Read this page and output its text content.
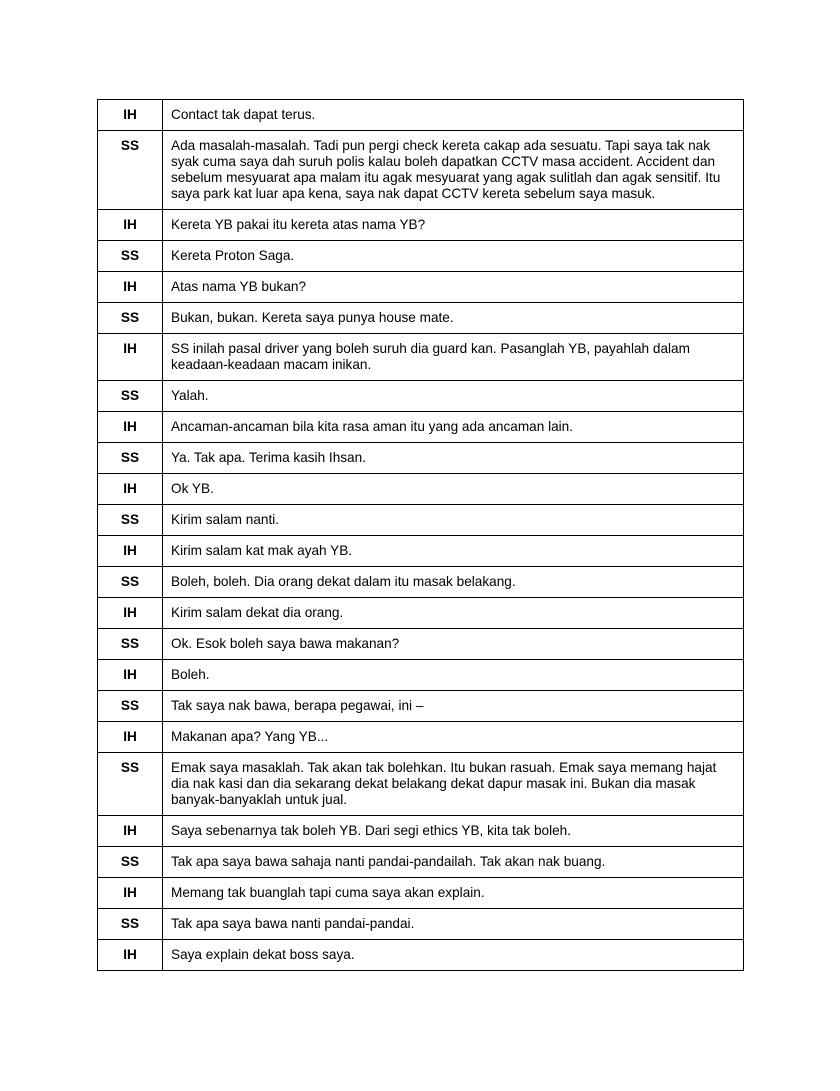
IH	Contact tak dapat terus.
SS	Ada masalah-masalah. Tadi pun pergi check kereta cakap ada sesuatu. Tapi saya tak nak syak cuma saya dah suruh polis kalau boleh dapatkan CCTV masa accident. Accident dan sebelum mesyuarat apa malam itu agak mesyuarat yang agak sulitlah dan agak sensitif. Itu saya park kat luar apa kena, saya nak dapat CCTV kereta sebelum saya masuk.
IH	Kereta YB pakai itu kereta atas nama YB?
SS	Kereta Proton Saga.
IH	Atas nama YB bukan?
SS	Bukan, bukan. Kereta saya punya house mate.
IH	SS inilah pasal driver yang boleh suruh dia guard kan. Pasanglah YB, payahlah dalam keadaan-keadaan macam inikan.
SS	Yalah.
IH	Ancaman-ancaman bila kita rasa aman itu yang ada ancaman lain.
SS	Ya. Tak apa. Terima kasih Ihsan.
IH	Ok YB.
SS	Kirim salam nanti.
IH	Kirim salam kat mak ayah YB.
SS	Boleh, boleh. Dia orang dekat dalam itu masak belakang.
IH	Kirim salam dekat dia orang.
SS	Ok. Esok boleh saya bawa makanan?
IH	Boleh.
SS	Tak saya nak bawa, berapa pegawai, ini –
IH	Makanan apa? Yang YB...
SS	Emak saya masaklah. Tak akan tak bolehkan. Itu bukan rasuah. Emak saya memang hajat dia nak kasi dan dia sekarang dekat belakang dekat dapur masak ini. Bukan dia masak banyak-banyaklah untuk jual.
IH	Saya sebenarnya tak boleh YB. Dari segi ethics YB, kita tak boleh.
SS	Tak apa saya bawa sahaja nanti pandai-pandailah. Tak akan nak buang.
IH	Memang tak buanglah tapi cuma saya akan explain.
SS	Tak apa saya bawa nanti pandai-pandai.
IH	Saya explain dekat boss saya.
